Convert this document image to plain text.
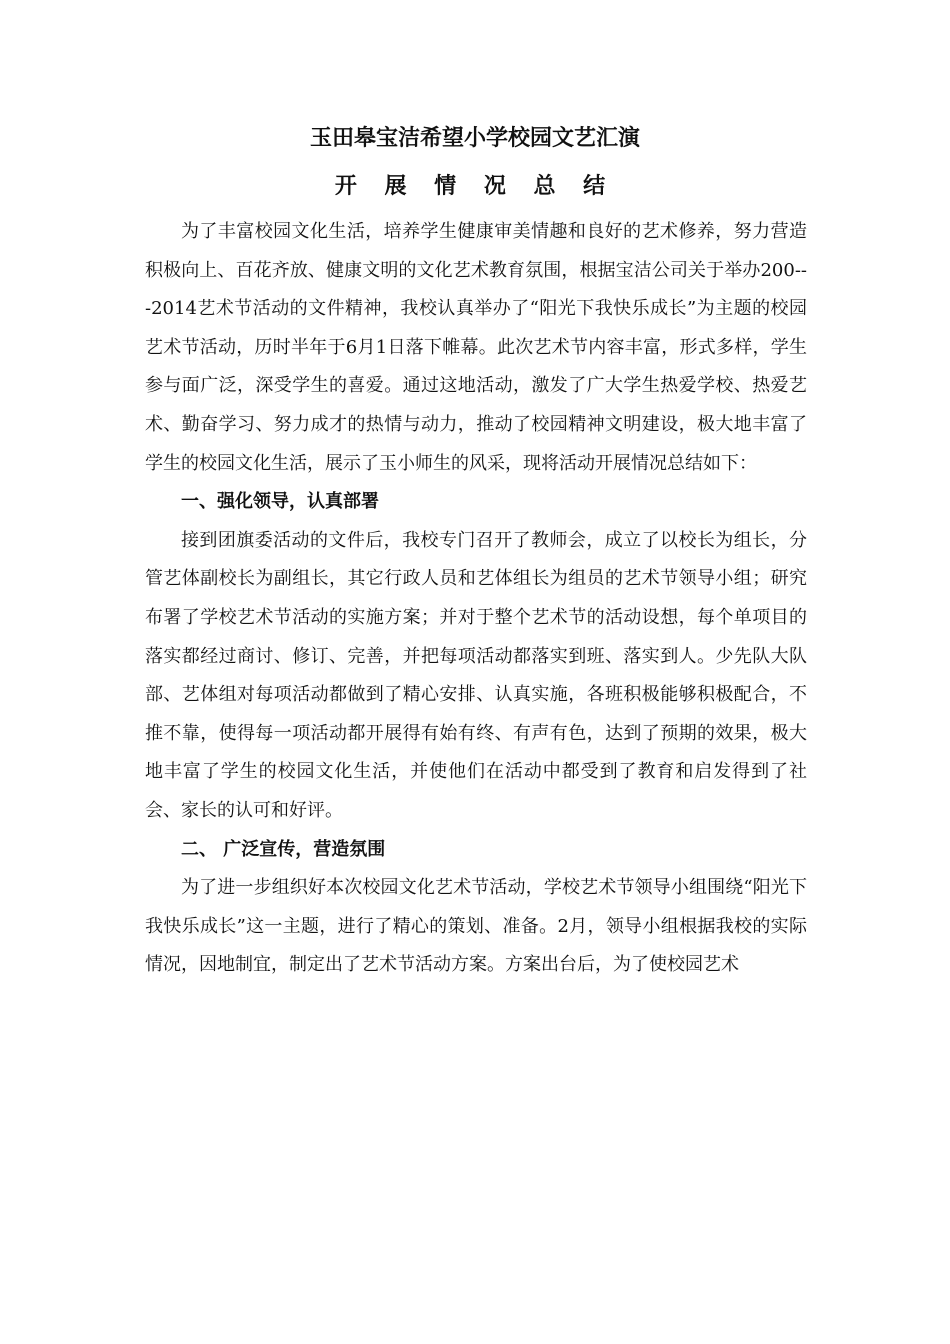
玉田皋宝洁希望小学校园文艺汇演
开 展 情 况 总 结

为了丰富校园文化生活，培养学生健康审美情趣和良好的艺术修养，努力营造积极向上、百花齐放、健康文明的文化艺术教育氛围，根据宝洁公司关于举办200---2014艺术节活动的文件精神，我校认真举办了“阳光下我快乐成长”为主题的校园艺术节活动，历时半年于6月1日落下帷幕。此次艺术节内容丰富，形式多样，学生参与面广泛，深受学生的喜爱。通过这地活动，激发了广大学生热爱学校、热爱艺术、勤奋学习、努力成才的热情与动力，推动了校园精神文明建设，极大地丰富了学生的校园文化生活，展示了玉小师生的风采，现将活动开展情况总结如下：

一、强化领导，认真部署

接到团旗委活动的文件后，我校专门召开了教师会，成立了以校长为组长，分管艺体副校长为副组长，其它行政人员和艺体组长为组员的艺术节领导小组；研究布署了学校艺术节活动的实施方案；并对于整个艺术节的活动设想，每个单项目的落实都经过商讨、修订、完善，并把每项活动都落实到班、落实到人。少先队大队部、艺体组对每项活动都做到了精心安排、认真实施，各班积极能够积极配合，不推不靠，使得每一项活动都开展得有始有终、有声有色，达到了预期的效果，极大地丰富了学生的校园文化生活，并使他们在活动中都受到了教育和启发得到了社会、家长的认可和好评。

二、 广泛宣传，营造氛围

为了进一步组织好本次校园文化艺术节活动，学校艺术节领导小组围绕“阳光下我快乐成长”这一主题，进行了精心的策划、准备。2月，领导小组根据我校的实际情况，因地制宜，制定出了艺术节活动方案。方案出台后，为了使校园艺术
